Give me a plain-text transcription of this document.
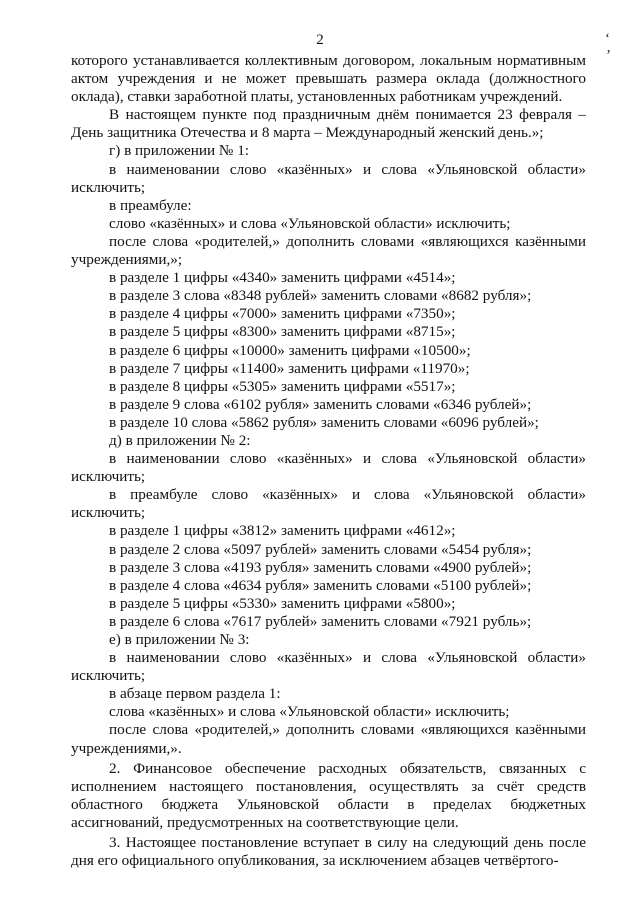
2	‘
ʼ

которого устанавливается коллективным договором, локальным нормативным актом учреждения и не может превышать размера оклада (должностного оклада), ставки заработной платы, установленных работникам учреждений.

В настоящем пункте под праздничным днём понимается 23 февраля – День защитника Отечества и 8 марта – Международный женский день.»;

г) в приложении № 1:

в наименовании слово «казённых» и слова «Ульяновской области» исключить;

в преамбуле:

слово «казённых» и слова «Ульяновской области» исключить;

после слова «родителей,» дополнить словами «являющихся казёнными учреждениями,»;

в разделе 1 цифры «4340» заменить цифрами «4514»;

в разделе 3 слова «8348 рублей» заменить словами «8682 рубля»;

в разделе 4 цифры «7000» заменить цифрами «7350»;

в разделе 5 цифры «8300» заменить цифрами «8715»;

в разделе 6 цифры «10000» заменить цифрами «10500»;

в разделе 7 цифры «11400» заменить цифрами «11970»;

в разделе 8 цифры «5305» заменить цифрами «5517»;

в разделе 9 слова «6102 рубля» заменить словами «6346 рублей»;

в разделе 10 слова «5862 рубля» заменить словами «6096 рублей»;

д) в приложении № 2:

в наименовании слово «казённых» и слова «Ульяновской области» исключить;

в преамбуле слово «казённых» и слова «Ульяновской области» исключить;

в разделе 1 цифры «3812» заменить цифрами «4612»;

в разделе 2 слова «5097 рублей» заменить словами «5454 рубля»;

в разделе 3 слова «4193 рубля» заменить словами «4900 рублей»;

в разделе 4 слова «4634 рубля» заменить словами «5100 рублей»;

в разделе 5 цифры «5330» заменить цифрами «5800»;

в разделе 6 слова «7617 рублей» заменить словами «7921 рубль»;

е) в приложении № 3:

в наименовании слово «казённых» и слова «Ульяновской области» исключить;

в абзаце первом раздела 1:

слова «казённых» и слова «Ульяновской области» исключить;

после слова «родителей,» дополнить словами «являющихся казёнными учреждениями,».

2. Финансовое обеспечение расходных обязательств, связанных с исполнением настоящего постановления, осуществлять за счёт средств областного бюджета Ульяновской области в пределах бюджетных ассигнований, предусмотренных на соответствующие цели.

3. Настоящее постановление вступает в силу на следующий день после дня его официального опубликования, за исключением абзацев четвёртого-
